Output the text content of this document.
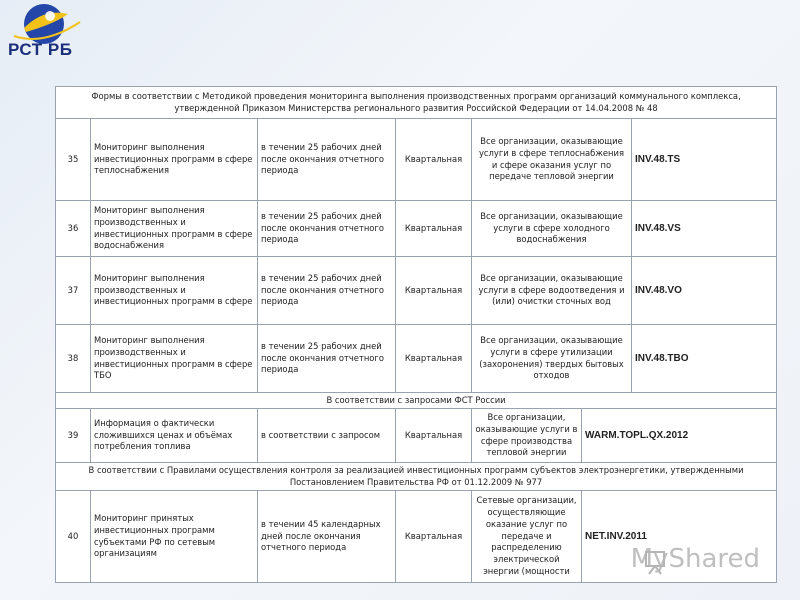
РСТ РБ
Формы в соответствии с Методикой проведения мониторинга выполнения производственных программ организаций коммунального комплекса, утвержденной Приказом Министерства регионального развития Российской Федерации от 14.04.2008 № 48						
35	Мониторинг выполнения инвестиционных программ в сфере теплоснабжения	в течении 25 рабочих дней после окончания отчетного периода	Квартальная	Все организации, оказывающие услуги в сфере теплоснабжения и сфере оказания услуг по передаче тепловой энергии		INV.48.TS
36	Мониторинг выполнения производственных и инвестиционных программ в сфере водоснабжения	в течении 25 рабочих дней после окончания отчетного периода	Квартальная	Все организации, оказывающие услуги в сфере холодного водоснабжения		INV.48.VS
37	Мониторинг выполнения производственных и инвестиционных программ в сфере	в течении 25 рабочих дней после окончания отчетного периода	Квартальная	Все организации, оказывающие услуги в сфере водоотведения и (или) очистки сточных вод		INV.48.VO
38	Мониторинг выполнения производственных и инвестиционных программ в сфере ТБО	в течении 25 рабочих дней после окончания отчетного периода	Квартальная	Все организации, оказывающие услуги в сфере утилизации (захоронения) твердых бытовых отходов		INV.48.TBO
В соответствии с запросами ФСТ России						
39	Информация о фактически сложившихся ценах и объёмах потребления топлива	в соответствии с запросом	Квартальная	Все организации, оказывающие услуги в сфере производства тепловой энергии	WARM.TOPL.QX.2012	
В соответствии с Правилами осуществления контроля за реализацией инвестиционных программ субъектов электроэнергетики, утвержденными Постановлением Правительства РФ от 01.12.2009 № 977						
40	Мониторинг принятых инвестиционных программ субъектами РФ по сетевым организациям	в течении 45 календарных дней после окончания отчетного периода	Квартальная	Сетевые организации, осуществляющие оказание услуг по передаче и распределению электрической энергии (мощности	NET.INV.2011	
MyShared
